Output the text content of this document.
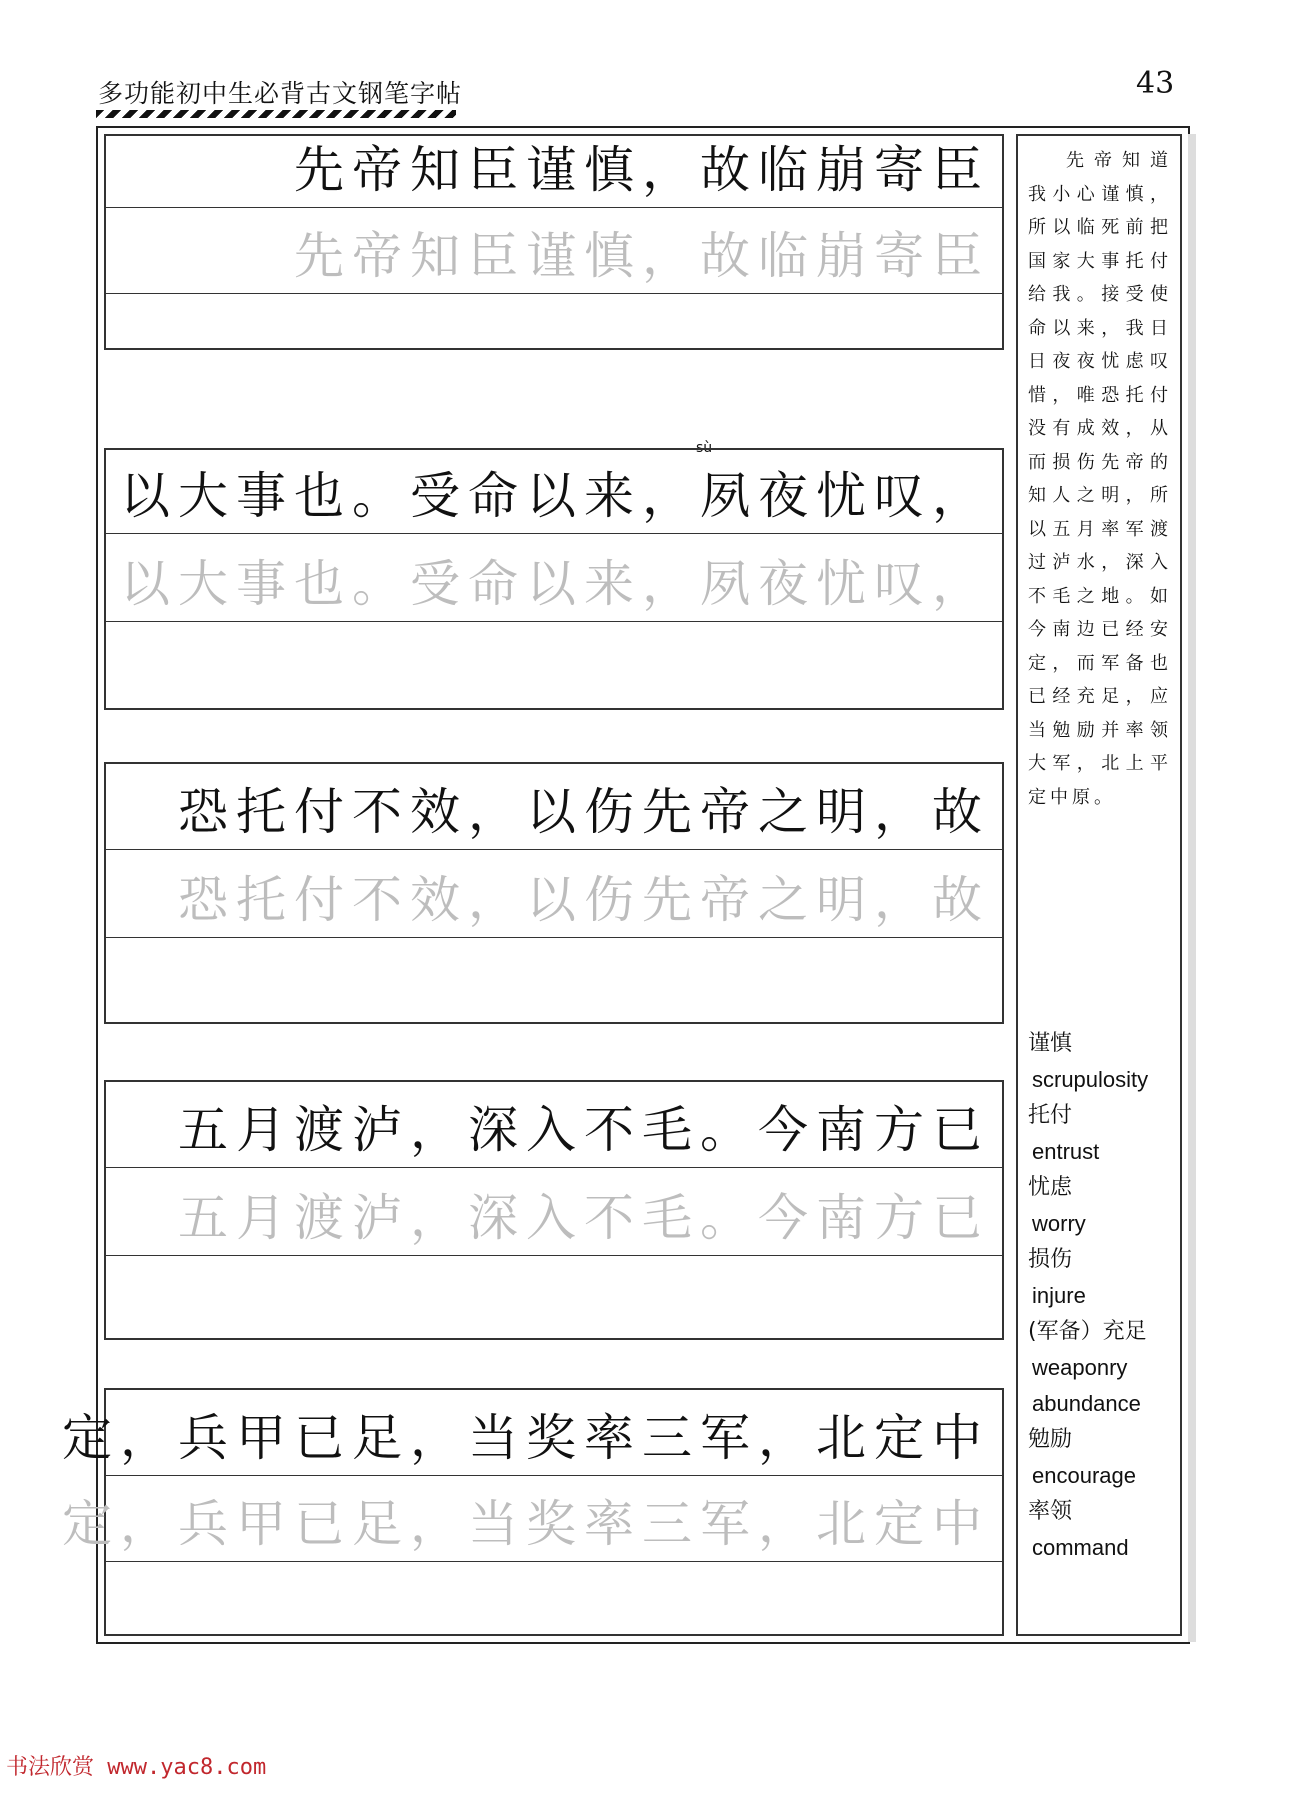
多功能初中生必背古文钢笔字帖	43
先帝知臣谨慎，故临崩寄臣
先帝知臣谨慎，故临崩寄臣
sù
以大事也。受命以来，夙夜忧叹，
以大事也。受命以来，夙夜忧叹，
恐托付不效，以伤先帝之明，故
恐托付不效，以伤先帝之明，故
五月渡泸，深入不毛。今南方已
五月渡泸，深入不毛。今南方已
定，兵甲已足，当奖率三军，北定中
定，兵甲已足，当奖率三军，北定中
先帝知道我小心谨慎，所以临死前把国家大事托付给我。接受使命以来，我日日夜夜忧虑叹惜，唯恐托付没有成效，从而损伤先帝的知人之明，所以五月率军渡过泸水，深入不毛之地。如今南边已经安定，而军备也已经充足，应当勉励并率领大军，北上平定中原。
谨慎
scrupulosity
托付
entrust
忧虑
worry
损伤
injure
(军备）充足
weaponry abundance
勉励
encourage
率领
command
书法欣赏 www.yac8.com
